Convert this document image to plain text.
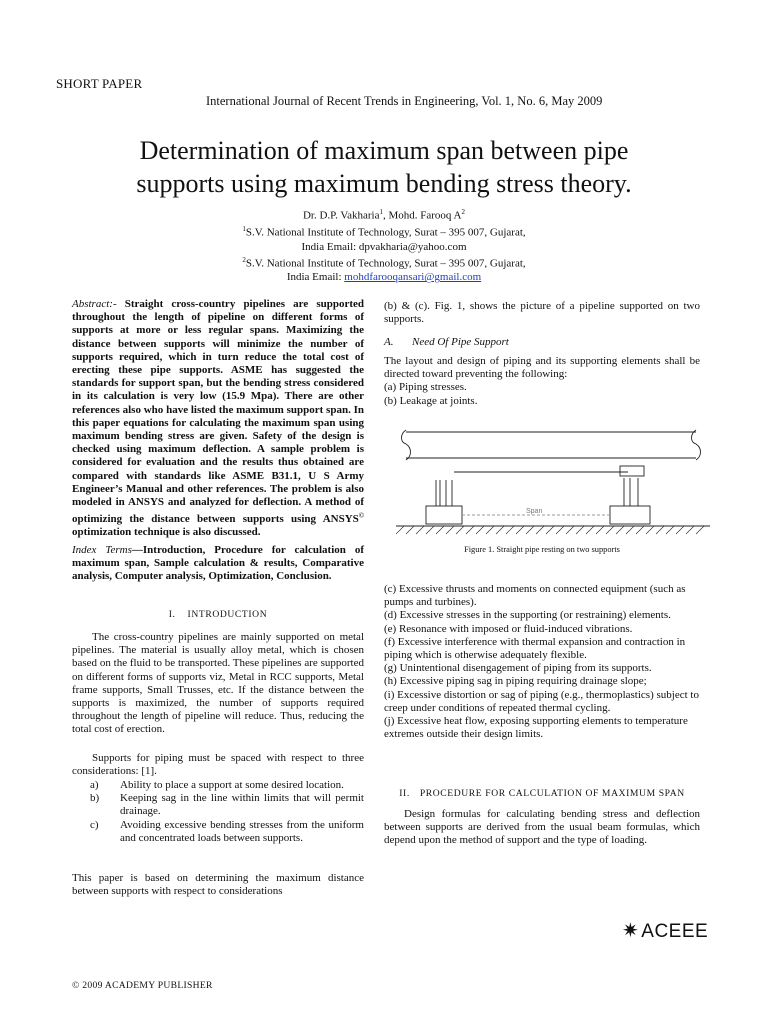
SHORT PAPER
International Journal of Recent Trends in Engineering, Vol. 1, No. 6, May 2009
Determination of maximum span between pipe
supports using maximum bending stress theory.
Dr. D.P. Vakharia$^1$, Mohd. Farooq $A^2$
$^1$S.V. National Institute of Technology, Surat – 395 007, Gujarat,
India Email: dpvakharia@yahoo.com
$^2$S.V. National Institute of Technology, Surat – 395 007, Gujarat,
India Email: mohdfarooqansari@gmail.com
Abstract:- Straight cross-country pipelines are supported throughout the length of pipeline on different forms of supports at more or less regular spans. Maximizing the distance between supports will minimize the number of supports required, which in turn reduce the total cost of erecting these pipe supports. ASME has suggested the standards for support span, but the bending stress considered in its calculation is very low (15.9 Mpa). There are other references also who have listed the maximum support span. In this paper equations for calculating the maximum span using maximum bending stress are given. Safety of the design is checked using maximum deflection. A sample problem is considered for evaluation and the results thus obtained are compared with standards like ASME B31.1, U S Army Engineer’s Manual and other references. The problem is also modeled in ANSYS and analyzed for deflection. A method of optimizing the distance between supports using ANSYS© optimization technique is also discussed.
Index Terms—Introduction, Procedure for calculation of maximum span, Sample calculation & results, Comparative analysis, Computer analysis, Optimization, Conclusion.
I. INTRODUCTION
The cross-country pipelines are mainly supported on metal pipelines. The material is usually alloy metal, which is chosen based on the fluid to be transported. These pipelines are supported on different forms of supports viz, Metal in RCC supports, Metal frame supports, Small Trusses, etc. If the distance between the supports is maximized, the number of supports required throughout the length of pipeline will reduce. Thus, reducing the total cost of erection.
Supports for piping must be spaced with respect to three considerations: [1].
a) Ability to place a support at some desired location.
b) Keeping sag in the line within limits that will permit drainage.
c) Avoiding excessive bending stresses from the uniform and concentrated loads between supports.
This paper is based on determining the maximum distance between supports with respect to considerations
(b) & (c). Fig. 1, shows the picture of a pipeline supported on two supports.
A. Need Of Pipe Support
The layout and design of piping and its supporting elements shall be directed toward preventing the following:
(a) Piping stresses.
(b) Leakage at joints.
Span
Figure 1. Straight pipe resting on two supports
(c) Excessive thrusts and moments on connected equipment (such as pumps and turbines).
(d) Excessive stresses in the supporting (or restraining) elements.
(e) Resonance with imposed or fluid-induced vibrations.
(f) Excessive interference with thermal expansion and contraction in piping which is otherwise adequately flexible.
(g) Unintentional disengagement of piping from its supports.
(h) Excessive piping sag in piping requiring drainage slope;
(i) Excessive distortion or sag of piping (e.g., thermoplastics) subject to creep under conditions of repeated thermal cycling.
(j) Excessive heat flow, exposing supporting elements to temperature extremes outside their design limits.
II. PROCEDURE FOR CALCULATION OF MAXIMUM SPAN
Design formulas for calculating bending stress and deflection between supports are derived from the usual beam formulas, which depend upon the method of support and the type of loading.
✷ ACEEE
© 2009 ACADEMY PUBLISHER
